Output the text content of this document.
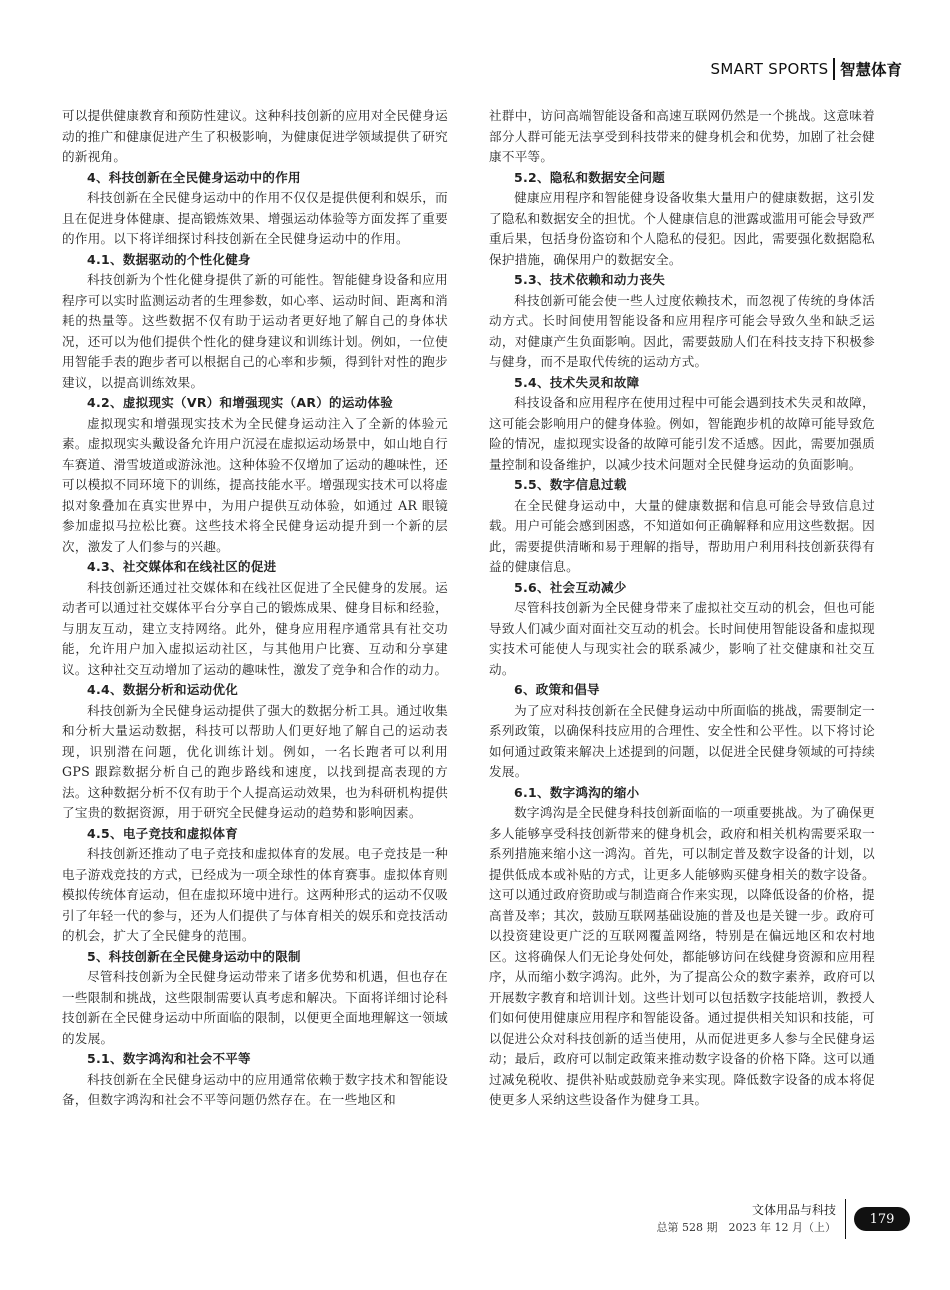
SMART SPORTS 智慧体育

可以提供健康教育和预防性建议。这种科技创新的应用对全民健身运动的推广和健康促进产生了积极影响，为健康促进学领域提供了研究的新视角。

4、科技创新在全民健身运动中的作用

科技创新在全民健身运动中的作用不仅仅是提供便利和娱乐，而且在促进身体健康、提高锻炼效果、增强运动体验等方面发挥了重要的作用。以下将详细探讨科技创新在全民健身运动中的作用。

4.1、数据驱动的个性化健身

科技创新为个性化健身提供了新的可能性。智能健身设备和应用程序可以实时监测运动者的生理参数，如心率、运动时间、距离和消耗的热量等。这些数据不仅有助于运动者更好地了解自己的身体状况，还可以为他们提供个性化的健身建议和训练计划。例如，一位使用智能手表的跑步者可以根据自己的心率和步频，得到针对性的跑步建议，以提高训练效果。

4.2、虚拟现实（VR）和增强现实（AR）的运动体验

虚拟现实和增强现实技术为全民健身运动注入了全新的体验元素。虚拟现实头戴设备允许用户沉浸在虚拟运动场景中，如山地自行车赛道、滑雪坡道或游泳池。这种体验不仅增加了运动的趣味性，还可以模拟不同环境下的训练，提高技能水平。增强现实技术可以将虚拟对象叠加在真实世界中，为用户提供互动体验，如通过 AR 眼镜参加虚拟马拉松比赛。这些技术将全民健身运动提升到一个新的层次，激发了人们参与的兴趣。

4.3、社交媒体和在线社区的促进

科技创新还通过社交媒体和在线社区促进了全民健身的发展。运动者可以通过社交媒体平台分享自己的锻炼成果、健身目标和经验，与朋友互动，建立支持网络。此外，健身应用程序通常具有社交功能，允许用户加入虚拟运动社区，与其他用户比赛、互动和分享建议。这种社交互动增加了运动的趣味性，激发了竞争和合作的动力。

4.4、数据分析和运动优化

科技创新为全民健身运动提供了强大的数据分析工具。通过收集和分析大量运动数据，科技可以帮助人们更好地了解自己的运动表现，识别潜在问题，优化训练计划。例如，一名长跑者可以利用 GPS 跟踪数据分析自己的跑步路线和速度，以找到提高表现的方法。这种数据分析不仅有助于个人提高运动效果，也为科研机构提供了宝贵的数据资源，用于研究全民健身运动的趋势和影响因素。

4.5、电子竞技和虚拟体育

科技创新还推动了电子竞技和虚拟体育的发展。电子竞技是一种电子游戏竞技的方式，已经成为一项全球性的体育赛事。虚拟体育则模拟传统体育运动，但在虚拟环境中进行。这两种形式的运动不仅吸引了年轻一代的参与，还为人们提供了与体育相关的娱乐和竞技活动的机会，扩大了全民健身的范围。

5、科技创新在全民健身运动中的限制

尽管科技创新为全民健身运动带来了诸多优势和机遇，但也存在一些限制和挑战，这些限制需要认真考虑和解决。下面将详细讨论科技创新在全民健身运动中所面临的限制，以便更全面地理解这一领域的发展。

5.1、数字鸿沟和社会不平等

科技创新在全民健身运动中的应用通常依赖于数字技术和智能设备，但数字鸿沟和社会不平等问题仍然存在。在一些地区和

社群中，访问高端智能设备和高速互联网仍然是一个挑战。这意味着部分人群可能无法享受到科技带来的健身机会和优势，加剧了社会健康不平等。

5.2、隐私和数据安全问题

健康应用程序和智能健身设备收集大量用户的健康数据，这引发了隐私和数据安全的担忧。个人健康信息的泄露或滥用可能会导致严重后果，包括身份盗窃和个人隐私的侵犯。因此，需要强化数据隐私保护措施，确保用户的数据安全。

5.3、技术依赖和动力丧失

科技创新可能会使一些人过度依赖技术，而忽视了传统的身体活动方式。长时间使用智能设备和应用程序可能会导致久坐和缺乏运动，对健康产生负面影响。因此，需要鼓励人们在科技支持下积极参与健身，而不是取代传统的运动方式。

5.4、技术失灵和故障

科技设备和应用程序在使用过程中可能会遇到技术失灵和故障，这可能会影响用户的健身体验。例如，智能跑步机的故障可能导致危险的情况，虚拟现实设备的故障可能引发不适感。因此，需要加强质量控制和设备维护，以减少技术问题对全民健身运动的负面影响。

5.5、数字信息过载

在全民健身运动中，大量的健康数据和信息可能会导致信息过载。用户可能会感到困惑，不知道如何正确解释和应用这些数据。因此，需要提供清晰和易于理解的指导，帮助用户利用科技创新获得有益的健康信息。

5.6、社会互动减少

尽管科技创新为全民健身带来了虚拟社交互动的机会，但也可能导致人们减少面对面社交互动的机会。长时间使用智能设备和虚拟现实技术可能使人与现实社会的联系减少，影响了社交健康和社交互动。

6、政策和倡导

为了应对科技创新在全民健身运动中所面临的挑战，需要制定一系列政策，以确保科技应用的合理性、安全性和公平性。以下将讨论如何通过政策来解决上述提到的问题，以促进全民健身领域的可持续发展。

6.1、数字鸿沟的缩小

数字鸿沟是全民健身科技创新面临的一项重要挑战。为了确保更多人能够享受科技创新带来的健身机会，政府和相关机构需要采取一系列措施来缩小这一鸿沟。首先，可以制定普及数字设备的计划，以提供低成本或补贴的方式，让更多人能够购买健身相关的数字设备。这可以通过政府资助或与制造商合作来实现，以降低设备的价格，提高普及率；其次，鼓励互联网基础设施的普及也是关键一步。政府可以投资建设更广泛的互联网覆盖网络，特别是在偏远地区和农村地区。这将确保人们无论身处何处，都能够访问在线健身资源和应用程序，从而缩小数字鸿沟。此外，为了提高公众的数字素养，政府可以开展数字教育和培训计划。这些计划可以包括数字技能培训，教授人们如何使用健康应用程序和智能设备。通过提供相关知识和技能，可以促进公众对科技创新的适当使用，从而促进更多人参与全民健身运动；最后，政府可以制定政策来推动数字设备的价格下降。这可以通过减免税收、提供补贴或鼓励竞争来实现。降低数字设备的成本将促使更多人采纳这些设备作为健身工具。

文体用品与科技
总第 528 期　2023 年 12 月（上）
179
